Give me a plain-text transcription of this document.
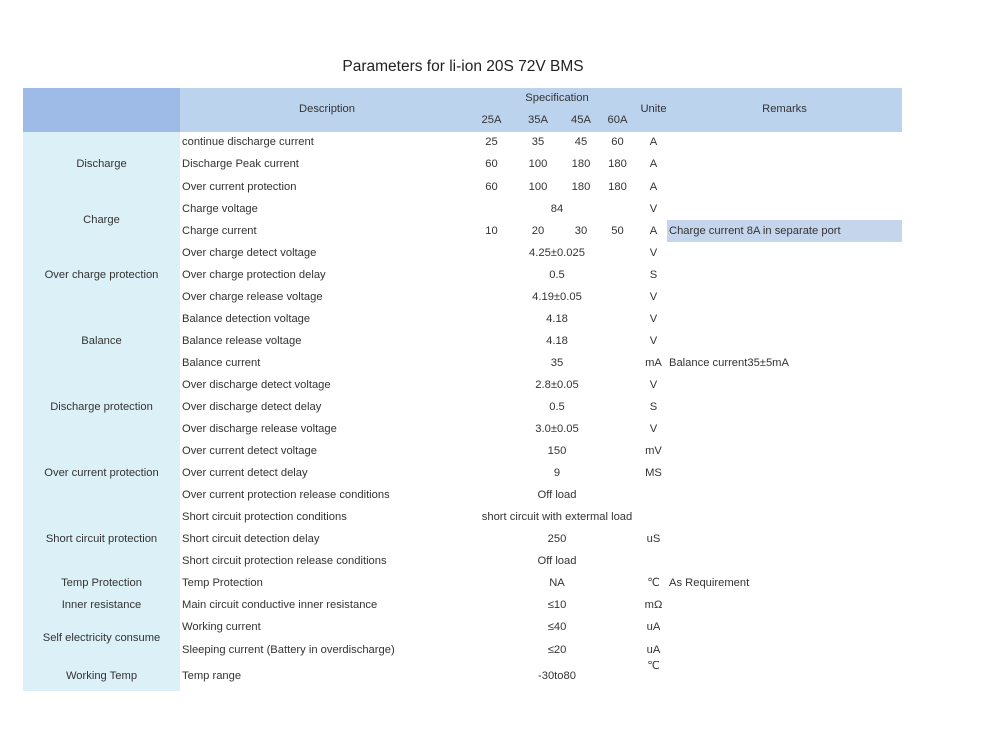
Parameters for li-ion 20S 72V BMS
	Description	Specification				Unite	Remarks
		25A	35A	45A	60A		
Discharge	continue discharge current	25	35	45	60	A	
	Discharge Peak current	60	100	180	180	A	
	Over current protection	60	100	180	180	A	
Charge	Charge voltage	84				V	
	Charge current	10	20	30	50	A	Charge current 8A in separate port
Over charge protection	Over charge detect voltage	4.25±0.025				V	
	Over charge protection delay	0.5				S	
	Over charge release voltage	4.19±0.05				V	
Balance	Balance detection voltage	4.18				V	
	Balance release voltage	4.18				V	
	Balance current	35				mA	Balance current35±5mA
Discharge protection	Over discharge detect voltage	2.8±0.05				V	
	Over discharge detect delay	0.5				S	
	Over discharge release voltage	3.0±0.05				V	
Over current protection	Over current detect voltage	150				mV	
	Over current detect delay	9				MS	
	Over current protection release conditions	Off load					
Short circuit protection	Short circuit protection conditions	short circuit with extermal load					
	Short circuit detection delay	250				uS	
	Short circuit protection release conditions	Off load					
Temp Protection	Temp Protection	NA				℃	As Requirement
Inner resistance	Main circuit conductive inner resistance	≤10				mΩ	
Self electricity consume	Working current	≤40				uA	
	Sleeping current (Battery in overdischarge)	≤20				uA	
Working Temp	Temp range	-30to80				℃	
